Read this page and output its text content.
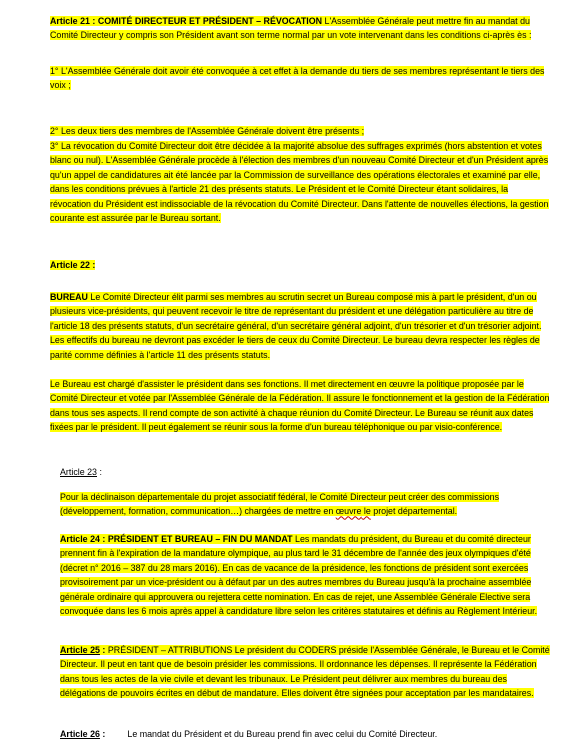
Article 21 : COMITÉ DIRECTEUR ET PRÉSIDENT – RÉVOCATION L'Assemblée Générale peut mettre fin au mandat du Comité Directeur y compris son Président avant son terme normal par un vote intervenant dans les conditions ci-après ès :

1° L'Assemblée Générale doit avoir été convoquée à cet effet à la demande du tiers de ses membres représentant le tiers des voix ;

2° Les deux tiers des membres de l'Assemblée Générale doivent être présents ;

3° La révocation du Comité Directeur doit être décidée à la majorité absolue des suffrages exprimés (hors abstention et votes blanc ou nul). L'Assemblée Générale procède à l'élection des membres d'un nouveau Comité Directeur et d'un Président après qu'un appel de candidatures ait été lancée par la Commission de surveillance des opérations électorales et examiné par elle, dans les conditions prévues à l'article 21 des présents statuts. Le Président et le Comité Directeur étant solidaires, la révocation du Président est indissociable de la révocation du Comité Directeur. Dans l'attente de nouvelles élections, la gestion courante est assurée par le Bureau sortant.

Article 22 :

BUREAU Le Comité Directeur élit parmi ses membres au scrutin secret un Bureau composé mis à part le président, d'un ou plusieurs vice-présidents, qui peuvent recevoir le titre de représentant du président et une délégation particulière au titre de l'article 18 des présents statuts, d'un secrétaire général, d'un secrétaire général adjoint, d'un trésorier et d'un trésorier adjoint. Les effectifs du bureau ne devront pas excéder le tiers de ceux du Comité Directeur. Le bureau devra respecter les règles de parité comme définies à l'article 11 des présents statuts.

Le Bureau est chargé d'assister le président dans ses fonctions. Il met directement en œuvre la politique proposée par le Comité Directeur et votée par l'Assemblée Générale de la Fédération. Il assure le fonctionnement et la gestion de la Fédération dans tous ses aspects. Il rend compte de son activité à chaque réunion du Comité Directeur. Le Bureau se réunit aux dates fixées par le président. Il peut également se réunir sous la forme d'un bureau téléphonique ou par visio-conférence.

Article 23 :

Pour la déclinaison départementale du projet associatif fédéral, le Comité Directeur peut créer des commissions
(développement, formation, communication…) chargées de mettre en œuvre le projet départemental.

Article 24 : PRÉSIDENT ET BUREAU – FIN DU MANDAT Les mandats du président, du Bureau et du comité directeur prennent fin à l'expiration de la mandature olympique, au plus tard le 31 décembre de l'année des jeux olympiques d'été (décret n° 2016 – 387 du 28 mars 2016). En cas de vacance de la présidence, les fonctions de président sont exercées provisoirement par un vice-président ou à défaut par un des autres membres du Bureau jusqu'à la prochaine assemblée générale ordinaire qui approuvera ou rejettera cette nomination. En cas de rejet, une Assemblée Générale Elective sera convoquée dans les 6 mois après appel à candidature libre selon les critères statutaires et définis au Règlement Intérieur.

Article 25 : PRÉSIDENT – ATTRIBUTIONS Le président du CODERS préside l'Assemblée Générale, le Bureau et le Comité Directeur. Il peut en tant que de besoin présider les commissions. Il ordonnance les dépenses. Il représente la Fédération dans tous les actes de la vie civile et devant les tribunaux. Le Président peut délivrer aux membres du bureau des délégations de pouvoirs écrites en début de mandature. Elles doivent être signées pour acceptation par les mandataires.

Article 26 : Le mandat du Président et du Bureau prend fin avec celui du Comité Directeur.
